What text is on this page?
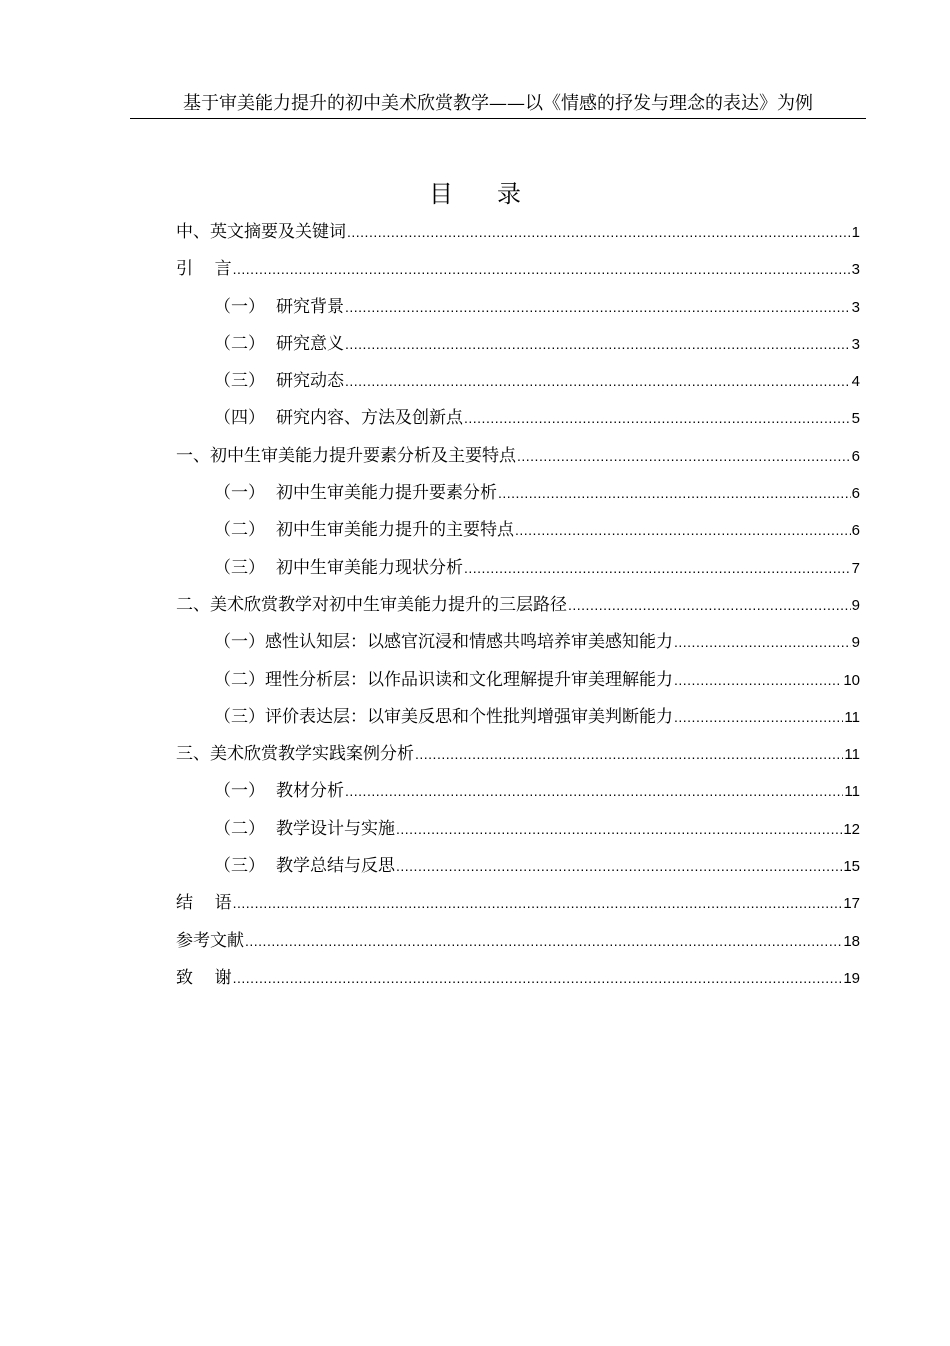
基于审美能力提升的初中美术欣赏教学——以《情感的抒发与理念的表达》为例
目 录
中、英文摘要及关键词 .....	1
引    言 .....	3
（一） 研究背景 .....	3
（二） 研究意义 .....	3
（三） 研究动态 .....	4
（四） 研究内容、方法及创新点 .....	5
一、初中生审美能力提升要素分析及主要特点 .....	6
（一） 初中生审美能力提升要素分析 .....	6
（二） 初中生审美能力提升的主要特点 .....	6
（三） 初中生审美能力现状分析 .....	7
二、美术欣赏教学对初中生审美能力提升的三层路径 .....	9
（一） 感性认知层：以感官沉浸和情感共鸣培养审美感知能力 .....	9
（二） 理性分析层：以作品识读和文化理解提升审美理解能力 .....	10
（三） 评价表达层：以审美反思和个性批判增强审美判断能力 .....	11
三、美术欣赏教学实践案例分析 .....	11
（一） 教材分析 .....	11
（二） 教学设计与实施 .....	12
（三） 教学总结与反思 .....	15
结    语 .....	17
参考文献 .....	18
致    谢 .....	19
